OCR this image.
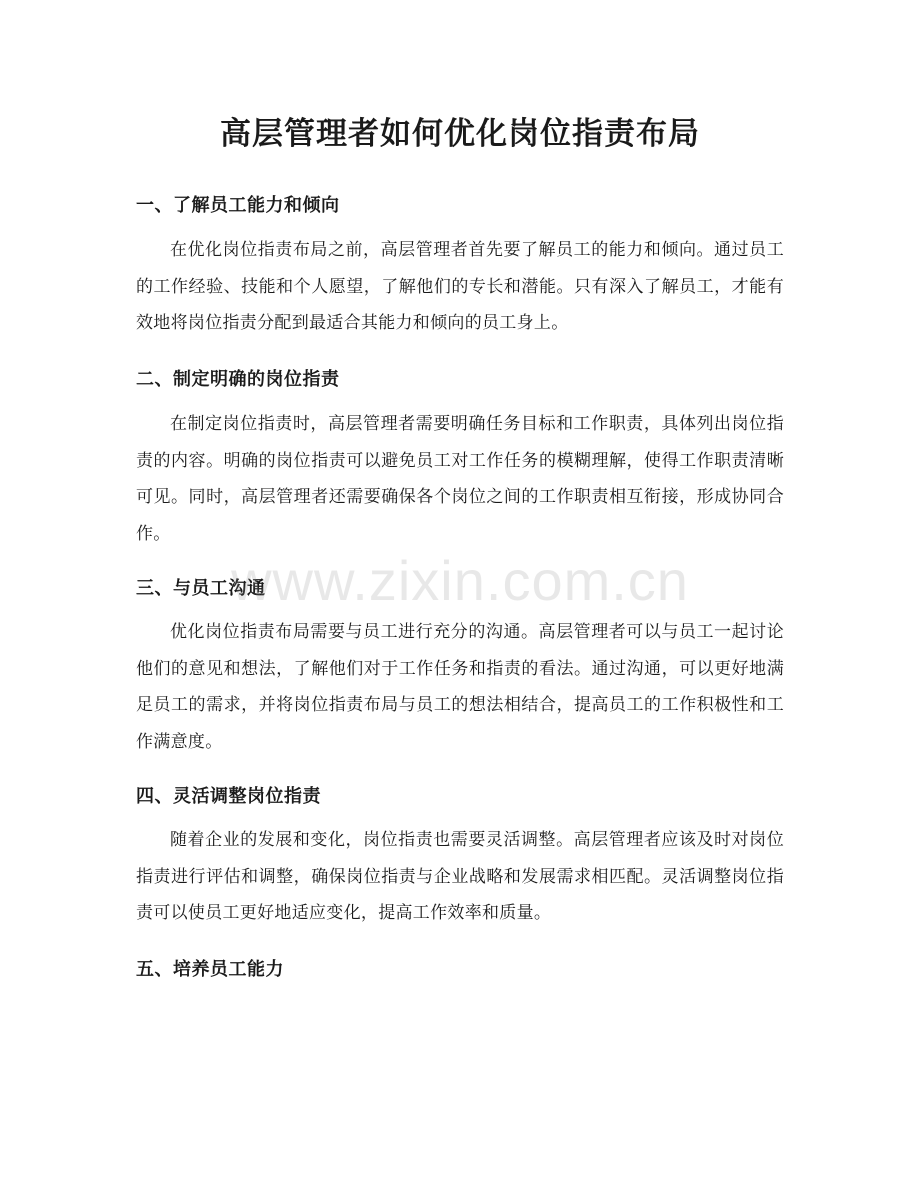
高层管理者如何优化岗位指责布局
一、了解员工能力和倾向

在优化岗位指责布局之前，高层管理者首先要了解员工的能力和倾向。通过员工的工作经验、技能和个人愿望，了解他们的专长和潜能。只有深入了解员工，才能有效地将岗位指责分配到最适合其能力和倾向的员工身上。

二、制定明确的岗位指责

在制定岗位指责时，高层管理者需要明确任务目标和工作职责，具体列出岗位指责的内容。明确的岗位指责可以避免员工对工作任务的模糊理解，使得工作职责清晰可见。同时，高层管理者还需要确保各个岗位之间的工作职责相互衔接，形成协同合作。

三、与员工沟通

优化岗位指责布局需要与员工进行充分的沟通。高层管理者可以与员工一起讨论他们的意见和想法，了解他们对于工作任务和指责的看法。通过沟通，可以更好地满足员工的需求，并将岗位指责布局与员工的想法相结合，提高员工的工作积极性和工作满意度。

四、灵活调整岗位指责

随着企业的发展和变化，岗位指责也需要灵活调整。高层管理者应该及时对岗位指责进行评估和调整，确保岗位指责与企业战略和发展需求相匹配。灵活调整岗位指责可以使员工更好地适应变化，提高工作效率和质量。

五、培养员工能力
www.zixin.com.cn
